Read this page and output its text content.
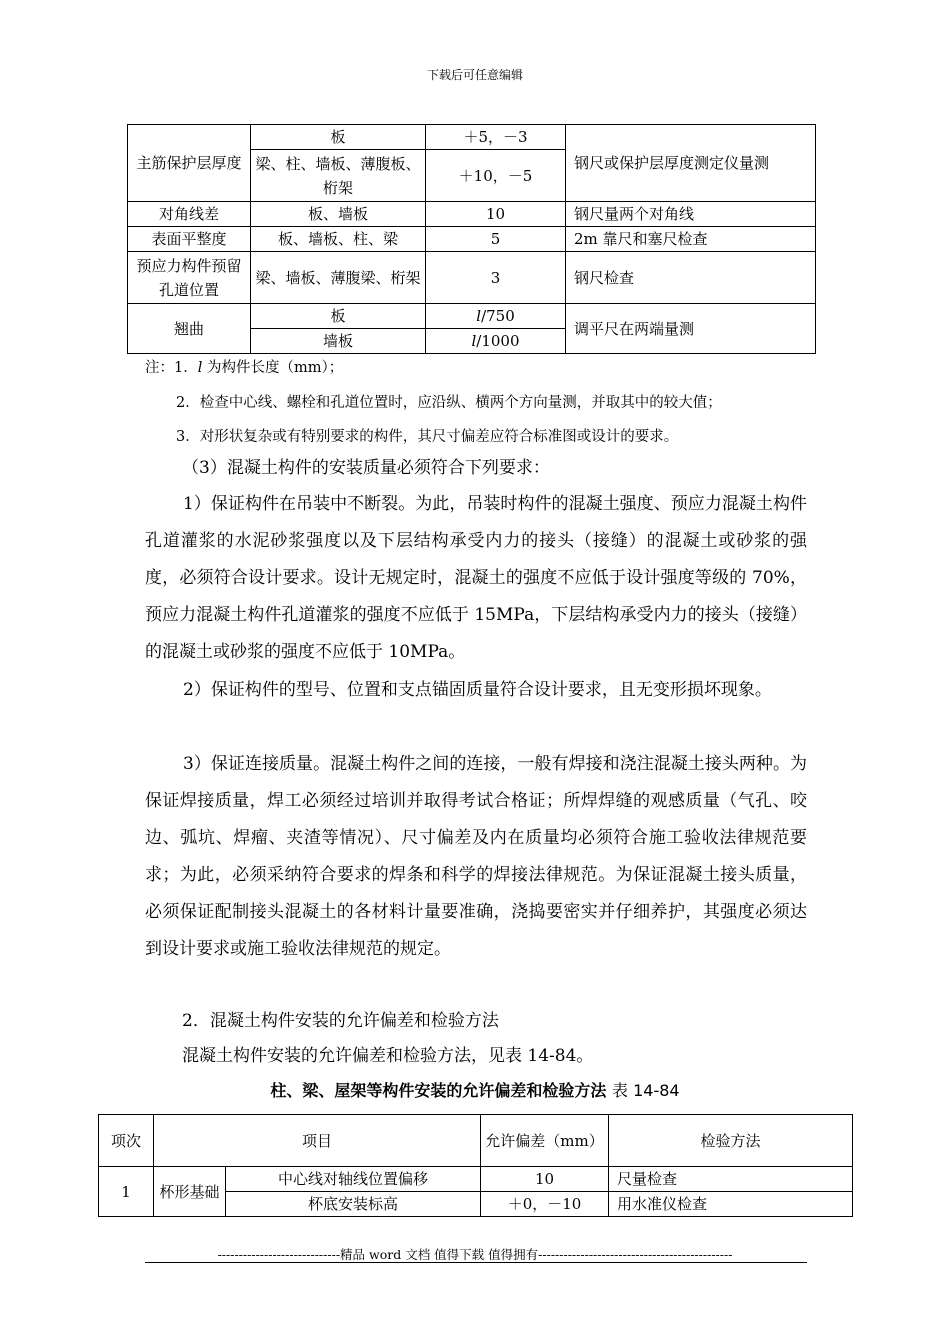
下载后可任意编辑
主筋保护层厚度	板	＋5，－3	钢尺或保护层厚度测定仪量测
	梁、柱、墙板、薄腹板、桁架	＋10，－5	
对角线差	板、墙板	10	钢尺量两个对角线
表面平整度	板、墙板、柱、梁	5	2m 靠尺和塞尺检查
预应力构件预留孔道位置	梁、墙板、薄腹梁、桁架	3	钢尺检查
翘曲	板	l/750	调平尺在两端量测
	墙板	l/1000	
注：1．l 为构件长度（mm）；
2．检查中心线、螺栓和孔道位置时，应沿纵、横两个方向量测，并取其中的较大值；
3．对形状复杂或有特别要求的构件，其尺寸偏差应符合标准图或设计的要求。
（3）混凝土构件的安装质量必须符合下列要求：
1）保证构件在吊装中不断裂。为此，吊装时构件的混凝土强度、预应力混凝土构件孔道灌浆的水泥砂浆强度以及下层结构承受内力的接头（接缝）的混凝土或砂浆的强度，必须符合设计要求。设计无规定时，混凝土的强度不应低于设计强度等级的 70%，预应力混凝土构件孔道灌浆的强度不应低于 15MPa，下层结构承受内力的接头（接缝）的混凝土或砂浆的强度不应低于 10MPa。
2）保证构件的型号、位置和支点锚固质量符合设计要求，且无变形损坏现象。
3）保证连接质量。混凝土构件之间的连接，一般有焊接和浇注混凝土接头两种。为保证焊接质量，焊工必须经过培训并取得考试合格证；所焊焊缝的观感质量（气孔、咬边、弧坑、焊瘤、夹渣等情况）、尺寸偏差及内在质量均必须符合施工验收法律规范要求；为此，必须采纳符合要求的焊条和科学的焊接法律规范。为保证混凝土接头质量，必须保证配制接头混凝土的各材料计量要准确，浇捣要密实并仔细养护，其强度必须达到设计要求或施工验收法律规范的规定。
2．混凝土构件安装的允许偏差和检验方法
混凝土构件安装的允许偏差和检验方法，见表 14-84。
柱、梁、屋架等构件安装的允许偏差和检验方法 表 14-84
项次	项目		允许偏差（mm）	检验方法
1	杯形基础	中心线对轴线位置偏移	10	尺量检查
		杯底安装标高	＋0，－10	用水准仪检查
-----------------------------精品 word 文档 值得下载 值得拥有----------------------------------------------
